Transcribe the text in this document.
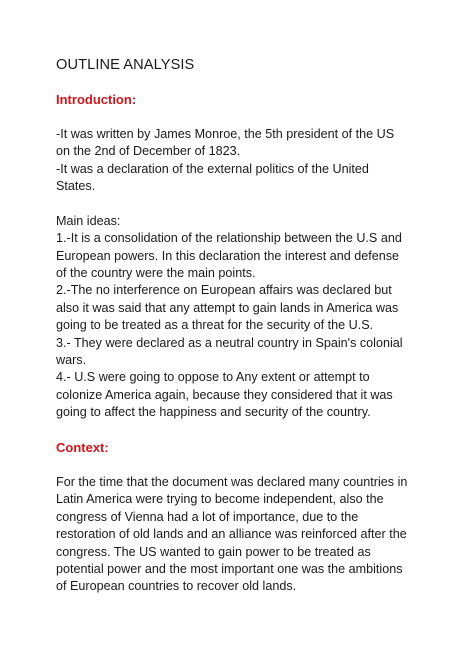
OUTLINE ANALYSIS

Introduction:

-It was written by James Monroe, the 5th president of the US
on the 2nd of December of 1823.
-It was a declaration of the external politics of the United
States.

Main ideas:

1.-It is a consolidation of the relationship between the U.S and
European powers. In this declaration the interest and defense
of the country were the main points.
2.-The no interference on European affairs was declared but
also it was said that any attempt to gain lands in America was
going to be treated as a threat for the security of the U.S.
3.- They were declared as a neutral country in Spain's colonial
wars.
4.- U.S were going to oppose to Any extent or attempt to
colonize America again, because they considered that it was
going to affect the happiness and security of the country.

Context:

For the time that the document was declared many countries in
Latin America were trying to become independent, also the
congress of Vienna had a lot of importance, due to the
restoration of old lands and an alliance was reinforced after the
congress. The US wanted to gain power to be treated as
potential power and the most important one was the ambitions
of European countries to recover old lands.
